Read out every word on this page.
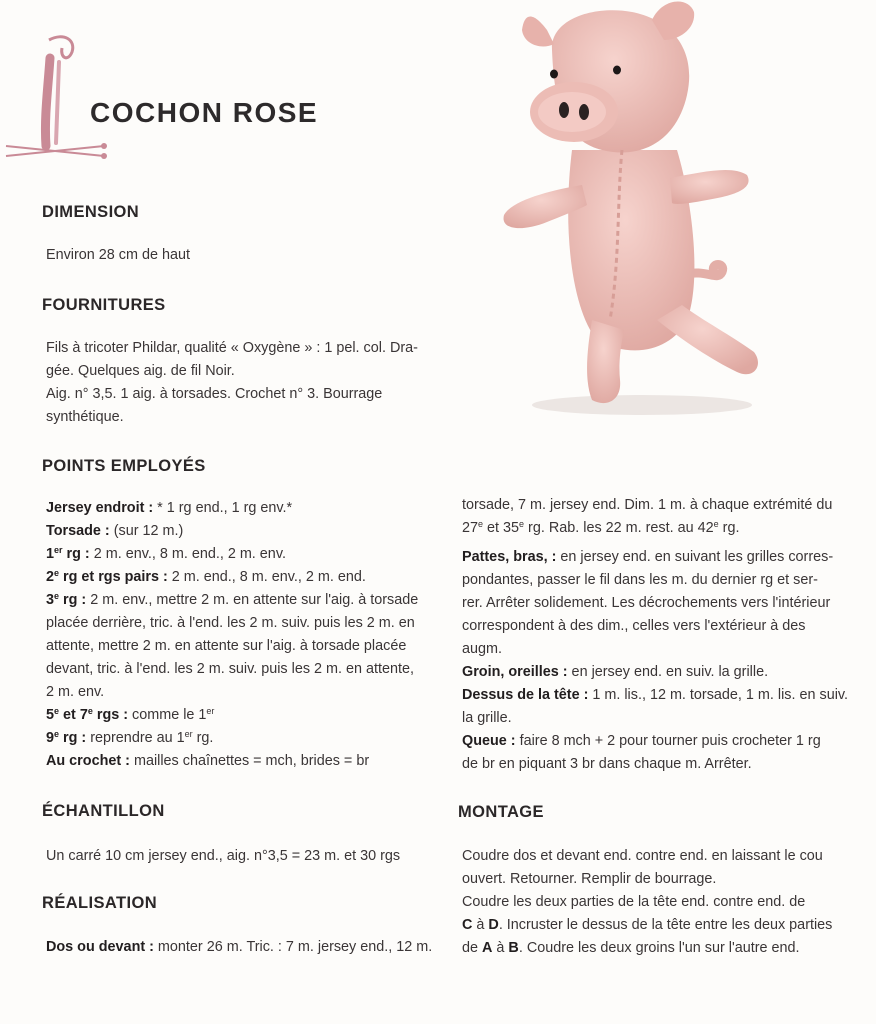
COCHON ROSE
DIMENSION

Environ 28 cm de haut

FOURNITURES

Fils à tricoter Phildar, qualité « Oxygène » : 1 pel. col. Dra-
gée. Quelques aig. de fil Noir.
Aig. n° 3,5. 1 aig. à torsades. Crochet n° 3. Bourrage
synthétique.

POINTS EMPLOYÉS

Jersey endroit : * 1 rg end., 1 rg env.*
Torsade : (sur 12 m.)
1er rg : 2 m. env., 8 m. end., 2 m. env.
2e rg et rgs pairs : 2 m. end., 8 m. env., 2 m. end.
3e rg : 2 m. env., mettre 2 m. en attente sur l'aig. à torsade
placée derrière, tric. à l'end. les 2 m. suiv. puis les 2 m. en
attente, mettre 2 m. en attente sur l'aig. à torsade placée
devant, tric. à l'end. les 2 m. suiv. puis les 2 m. en attente,
2 m. env.
5e et 7e rgs : comme le 1er
9e rg : reprendre au 1er rg.
Au crochet : mailles chaînettes = mch, brides = br

ÉCHANTILLON

Un carré 10 cm jersey end., aig. n°3,5 = 23 m. et 30 rgs

RÉALISATION

Dos ou devant : monter 26 m. Tric. : 7 m. jersey end., 12 m.

torsade, 7 m. jersey end. Dim. 1 m. à chaque extrémité du
27e et 35e rg. Rab. les 22 m. rest. au 42e rg.

Pattes, bras, : en jersey end. en suivant les grilles corres-
pondantes, passer le fil dans les m. du dernier rg et ser-
rer. Arrêter solidement. Les décrochements vers l'intérieur
correspondent à des dim., celles vers l'extérieur à des
augm.
Groin, oreilles : en jersey end. en suiv. la grille.
Dessus de la tête : 1 m. lis., 12 m. torsade, 1 m. lis. en suiv.
la grille.
Queue : faire 8 mch + 2 pour tourner puis crocheter 1 rg
de br en piquant 3 br dans chaque m. Arrêter.

MONTAGE

Coudre dos et devant end. contre end. en laissant le cou
ouvert. Retourner. Remplir de bourrage.
Coudre les deux parties de la tête end. contre end. de
C à D. Incruster le dessus de la tête entre les deux parties
de A à B. Coudre les deux groins l'un sur l'autre end.
